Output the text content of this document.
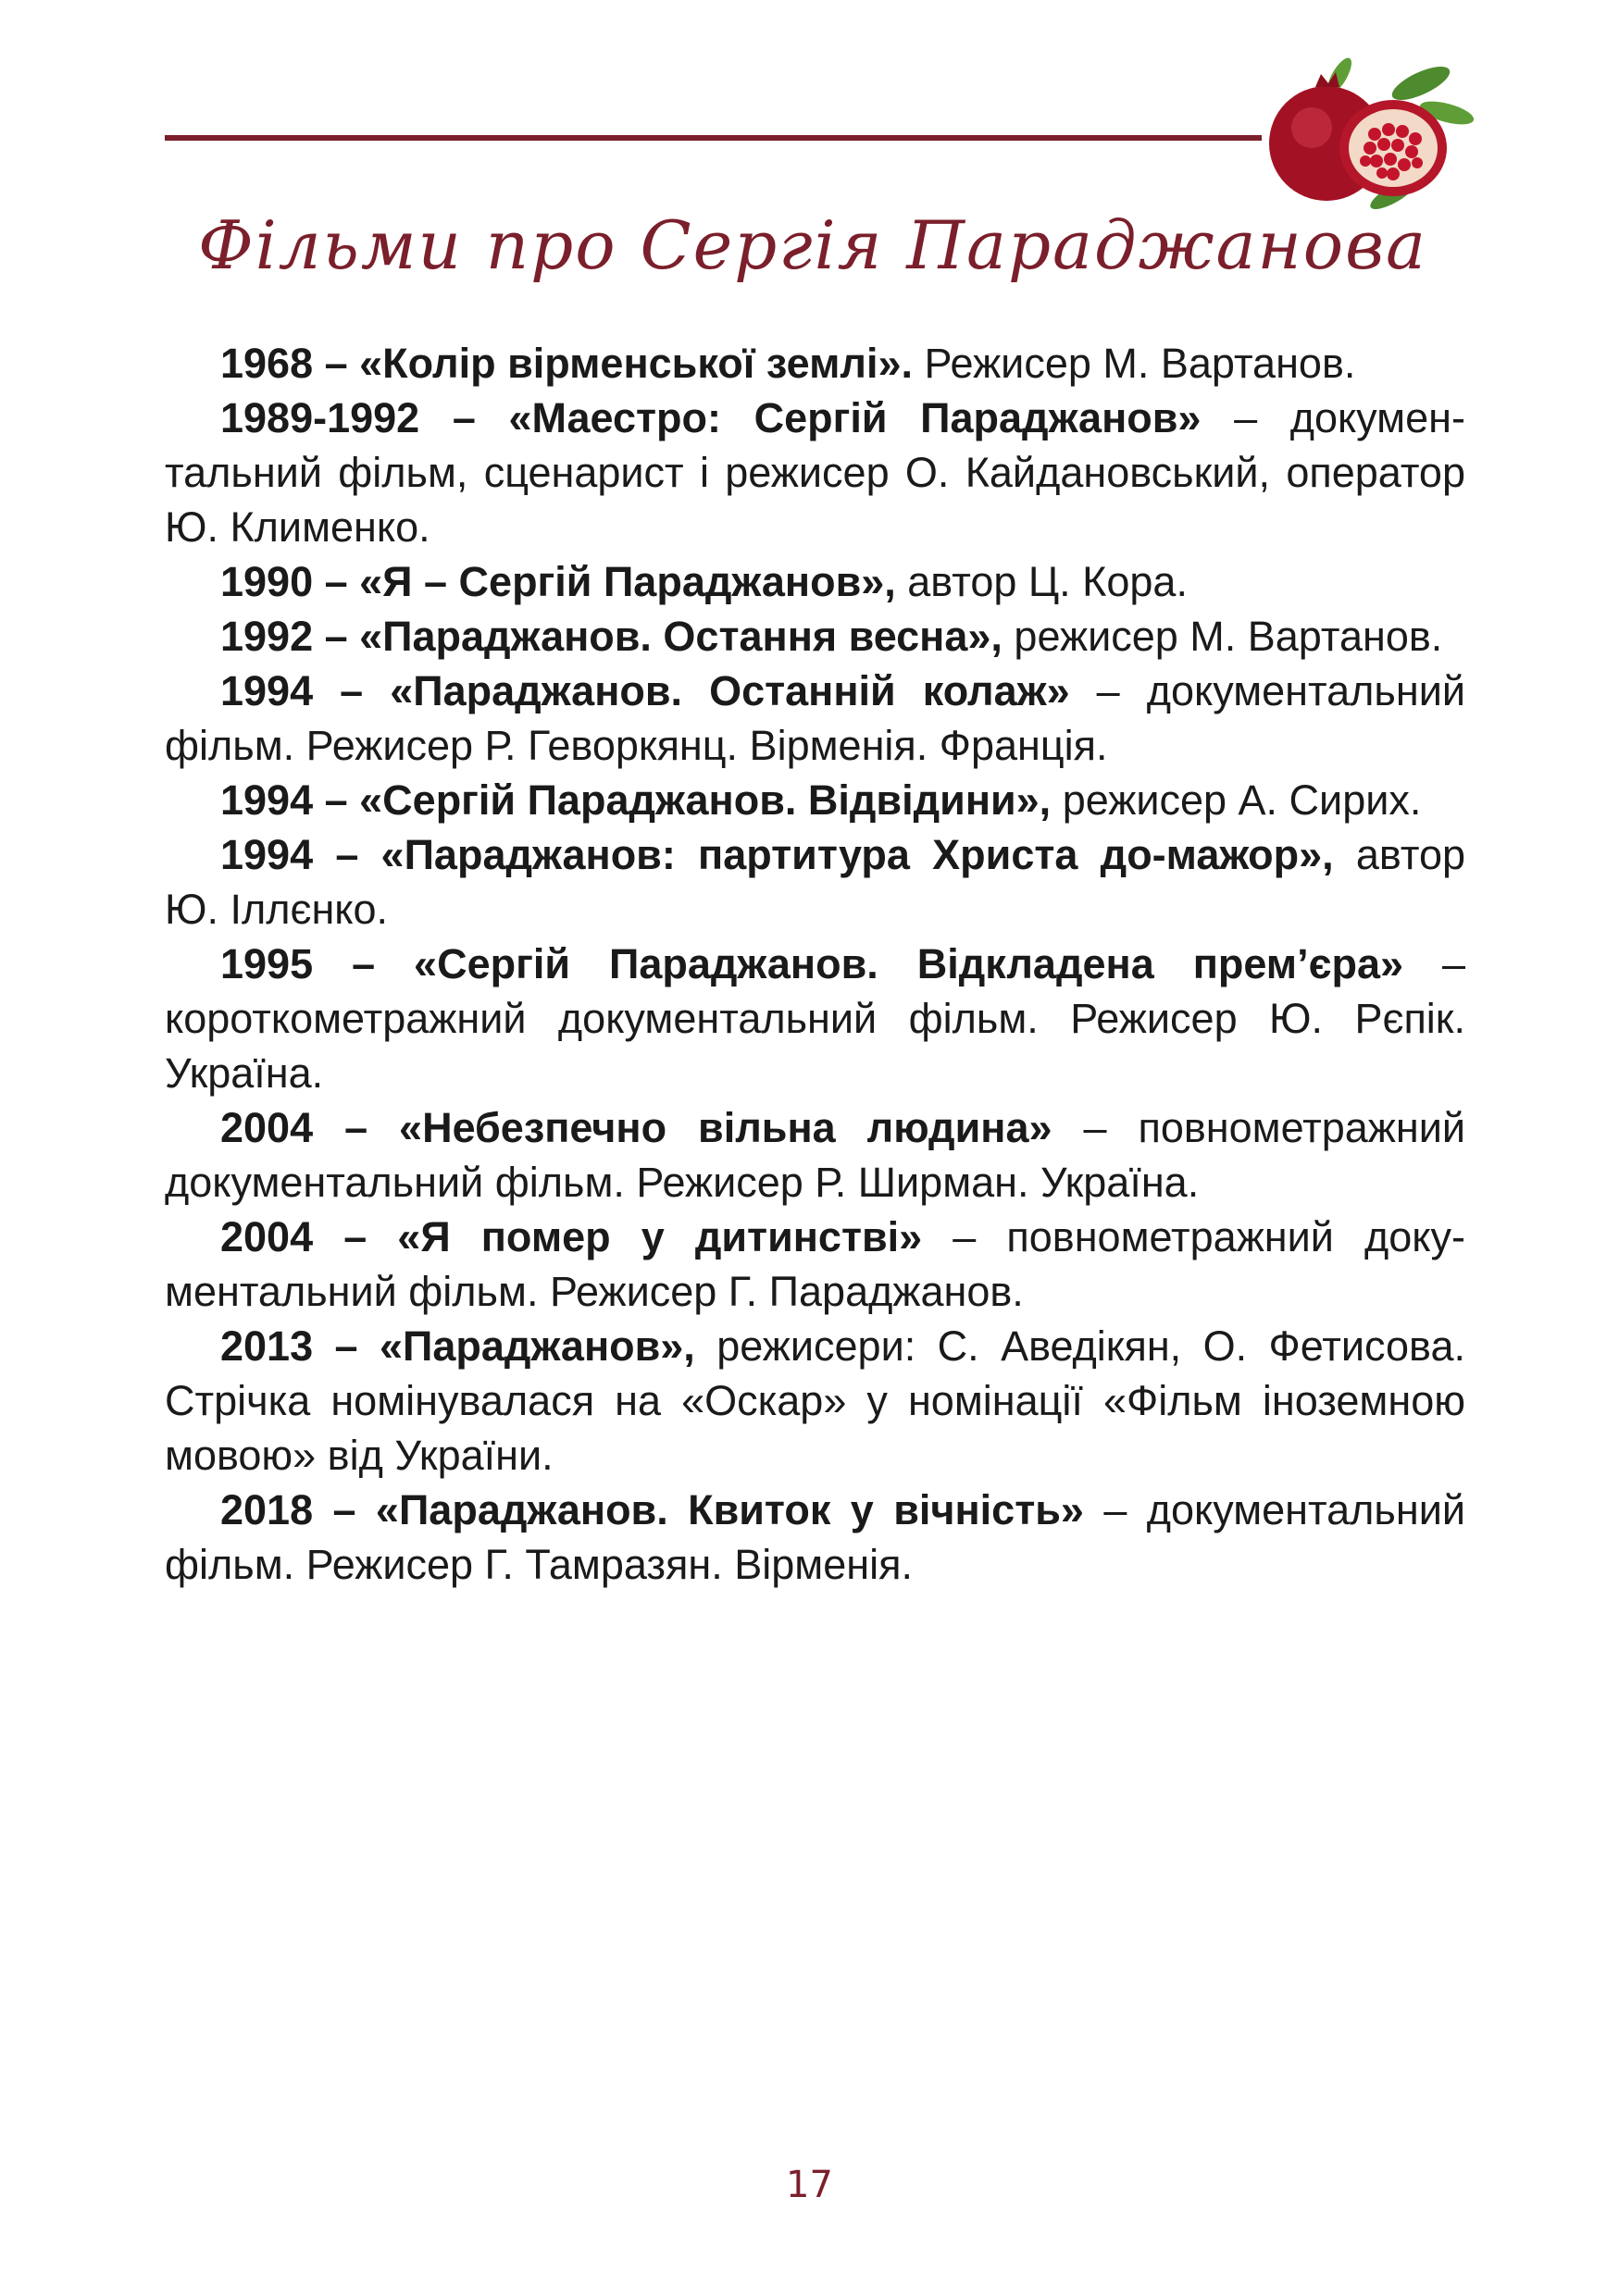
Фільми про Сергія Параджанова
1968 – «Колір вірменської землі». Режисер М. Вартанов.
1989-1992 – «Маестро: Сергій Параджанов» – документальний фільм, сценарист і режисер О. Кайдановський, оператор Ю. Клименко.
1990 – «Я – Сергій Параджанов», автор Ц. Кора.
1992 – «Параджанов. Остання весна», режисер М. Вартанов.
1994 – «Параджанов. Останній колаж» – документальний фільм. Режисер Р. Геворкянц. Вірменія. Франція.
1994 – «Сергій Параджанов. Відвідини», режисер А. Сирих.
1994 – «Параджанов: партитура Христа до-мажор», автор Ю. Іллєнко.
1995 – «Сергій Параджанов. Відкладена прем’єра» – короткометражний документальний фільм. Режисер Ю. Рєпік. Україна.
2004 – «Небезпечно вільна людина» – повнометражний документальний фільм. Режисер Р. Ширман. Україна.
2004 – «Я помер у дитинстві» – повнометражний документальний фільм. Режисер Г. Параджанов.
2013 – «Параджанов», режисери: С. Аведікян, О. Фетисова. Стрічка номінувалася на «Оскар» у номінації «Фільм іноземною мовою» від України.
2018 – «Параджанов. Квиток у вічність» – документальний фільм. Режисер Г. Тамразян. Вірменія.
17
